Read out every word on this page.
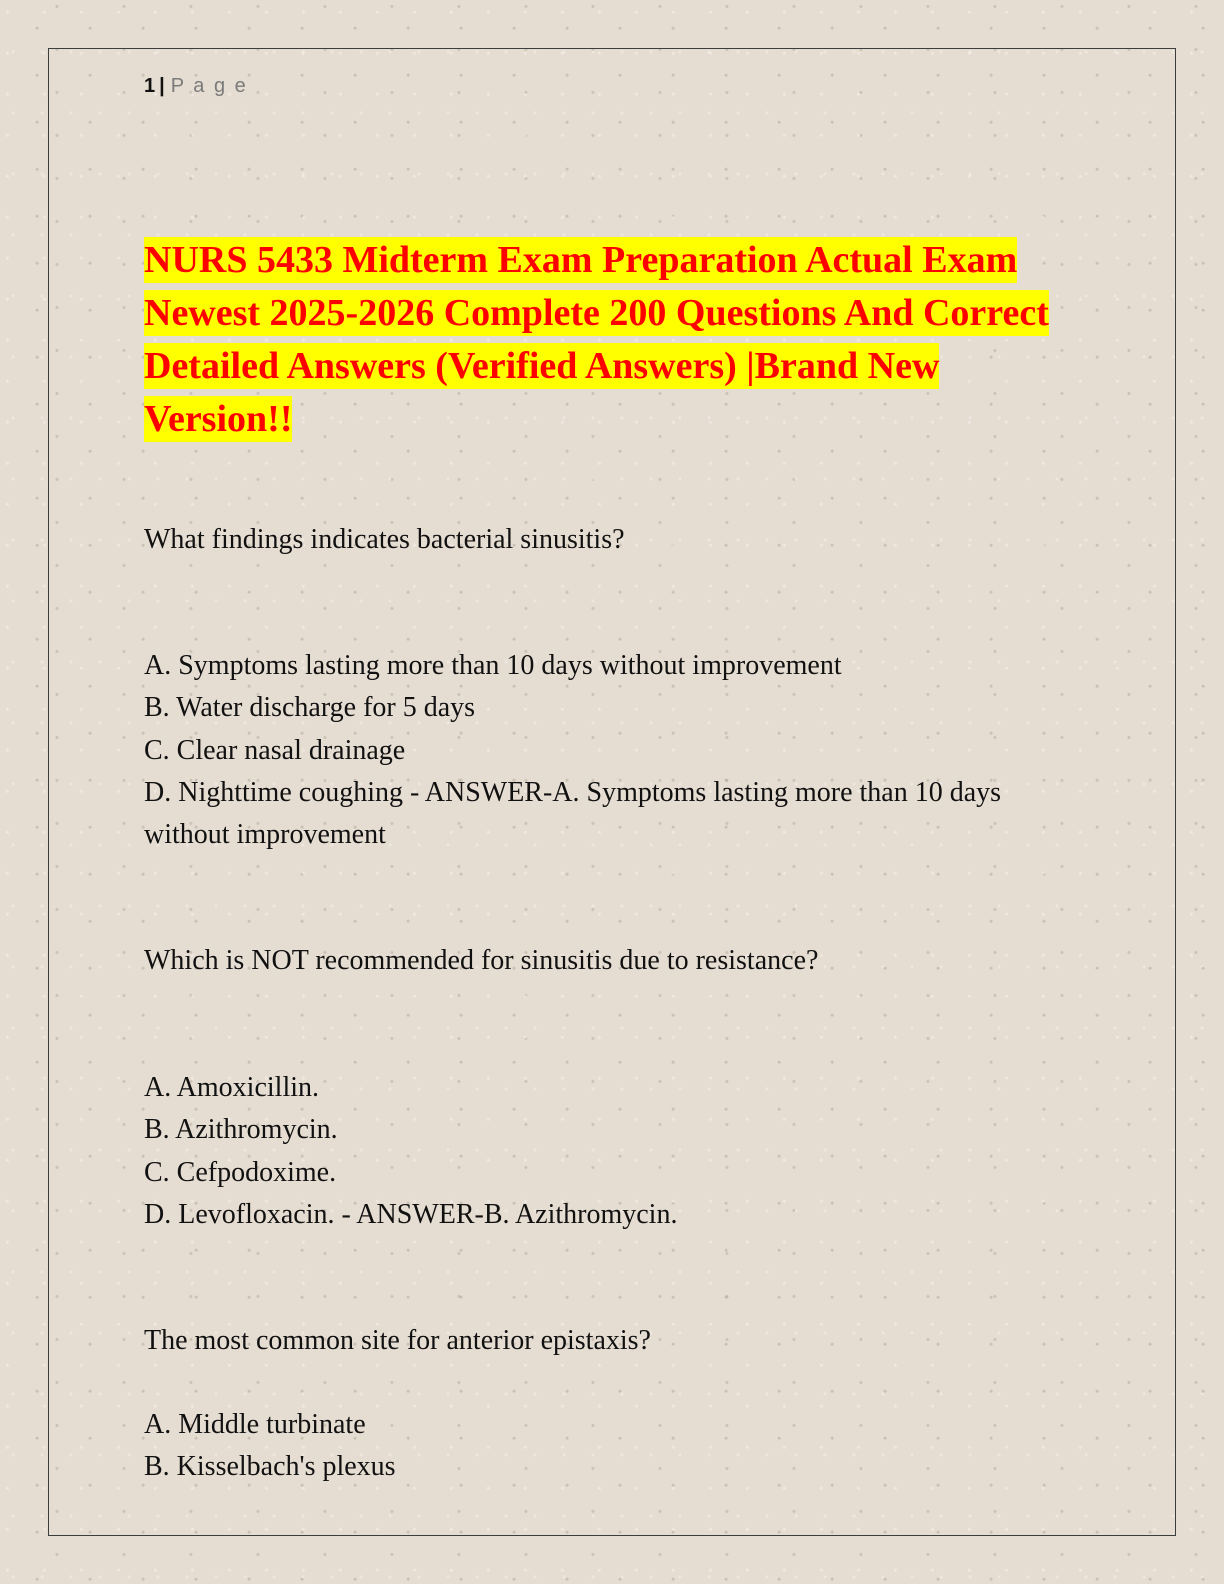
1 | P a g e
NURS 5433 Midterm Exam Preparation Actual Exam Newest 2025-2026 Complete 200 Questions And Correct Detailed Answers (Verified Answers) |Brand New Version!!

What findings indicates bacterial sinusitis?

A. Symptoms lasting more than 10 days without improvement

B. Water discharge for 5 days

C. Clear nasal drainage

D. Nighttime coughing - ANSWER-A. Symptoms lasting more than 10 days without improvement

Which is NOT recommended for sinusitis due to resistance?

A. Amoxicillin.

B. Azithromycin.

C. Cefpodoxime.

D. Levofloxacin. - ANSWER-B. Azithromycin.

The most common site for anterior epistaxis?

A. Middle turbinate

B. Kisselbach's plexus
